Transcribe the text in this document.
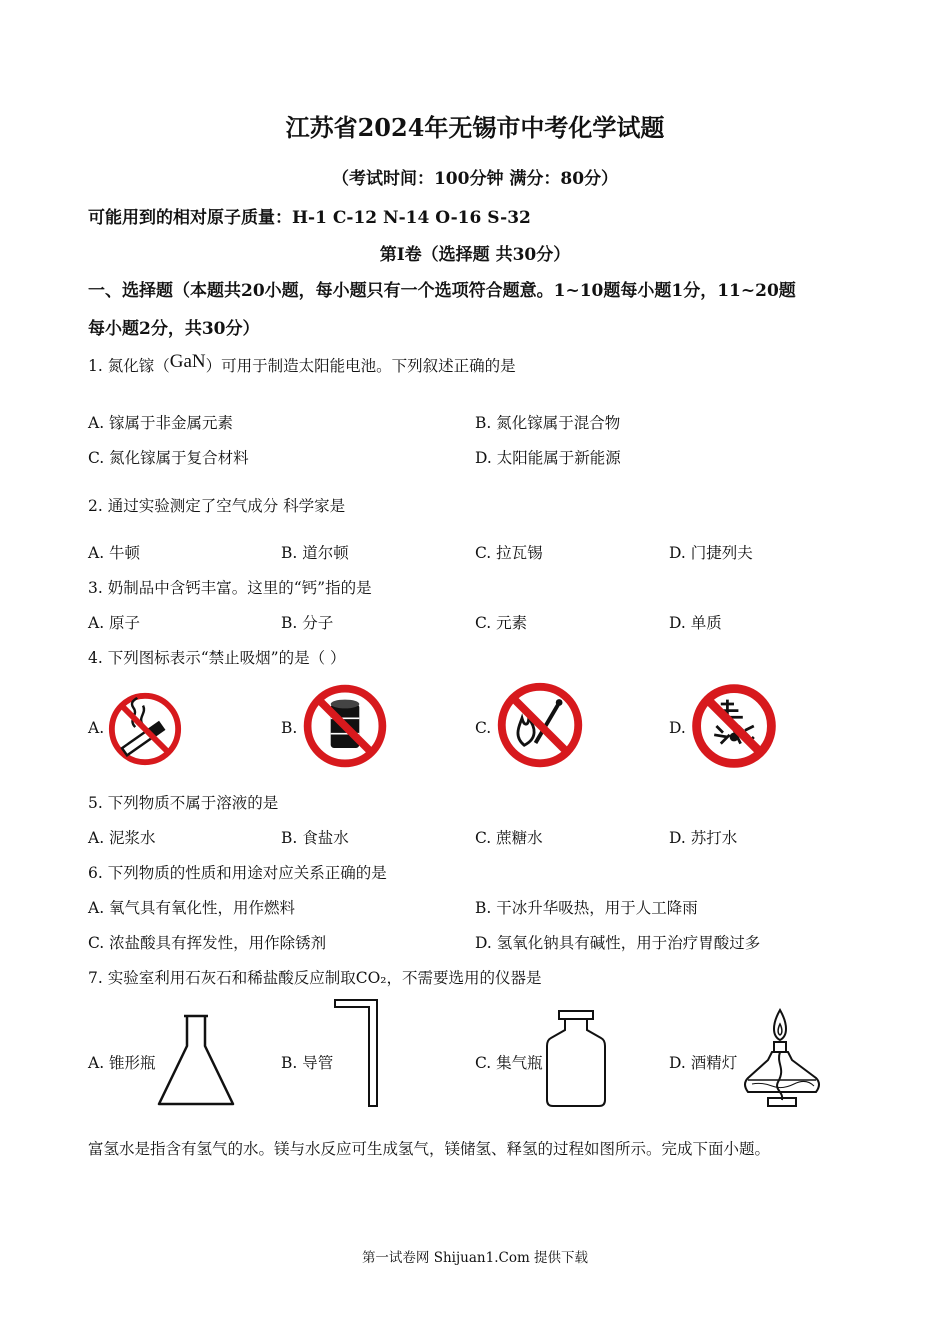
江苏省2024年无锡市中考化学试题
（考试时间：100分钟 满分：80分）
可能用到的相对原子质量：H-1 C-12 N-14 O-16 S-32
第Ⅰ卷（选择题 共30分）
一、选择题（本题共20小题，每小题只有一个选项符合题意。1~10题每小题1分，11~20题
每小题2分，共30分）
1. 氮化镓（GaN）可用于制造太阳能电池。下列叙述正确的是
A. 镓属于非金属元素	B. 氮化镓属于混合物
C. 氮化镓属于复合材料	D. 太阳能属于新能源
2. 通过实验测定了空气成分 科学家是
A. 牛顿	B. 道尔顿	C. 拉瓦锡	D. 门捷列夫
3. 奶制品中含钙丰富。这里的“钙”指的是
A. 原子	B. 分子	C. 元素	D. 单质
4. 下列图标表示“禁止吸烟”的是（ ）
A.	B.	C.	D.
5. 下列物质不属于溶液的是
A. 泥浆水	B. 食盐水	C. 蔗糖水	D. 苏打水
6. 下列物质的性质和用途对应关系正确的是
A. 氧气具有氧化性，用作燃料	B. 干冰升华吸热，用于人工降雨
C. 浓盐酸具有挥发性，用作除锈剂	D. 氢氧化钠具有碱性，用于治疗胃酸过多
7. 实验室利用石灰石和稀盐酸反应制取CO₂，不需要选用的仪器是
A. 锥形瓶	B. 导管	C. 集气瓶	D. 酒精灯
富氢水是指含有氢气的水。镁与水反应可生成氢气，镁储氢、释氢的过程如图所示。完成下面小题。
第一试卷网 Shijuan1.Com 提供下载
